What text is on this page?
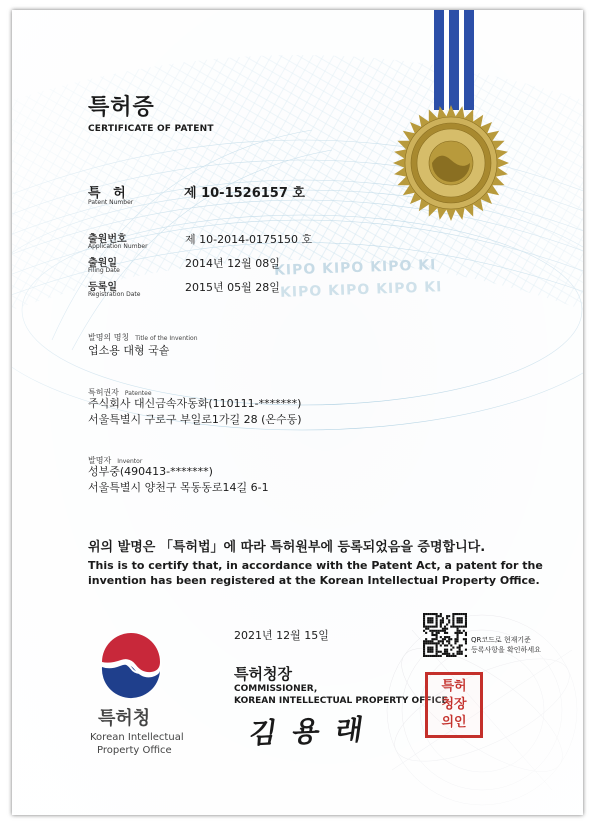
KIPO KIPO KIPO KI
KIPO KIPO KIPO KI
특허증
CERTIFICATE OF PATENT
특 허
Patent Number
제 10-1526157 호
출원번호
Application Number
제 10-2014-0175150 호
출원일
Filing Date
2014년 12월 08일
등록일
Registration Date
2015년 05월 28일
발명의 명칭 Title of the Invention
업소용 대형 국솥
특허권자 Patentee
주식회사 대신금속자동화(110111-*******)
서울특별시 구로구 부일로1가길 28 (온수동)
발명자 Inventor
성부중(490413-*******)
서울특별시 양천구 목동동로14길 6-1
위의 발명은 「특허법」에 따라 특허원부에 등록되었음을 증명합니다.
This is to certify that, in accordance with the Patent Act, a patent for the
invention has been registered at the Korean Intellectual Property Office.
2021년 12월 15일	QR코드로 현재기준
등록사항을 확인하세요
특허청
Korean Intellectual
Property Office
특허청장
COMMISSIONER,
KOREAN INTELLECTUAL PROPERTY OFFICE
김 용 래
특허
청장
의인
